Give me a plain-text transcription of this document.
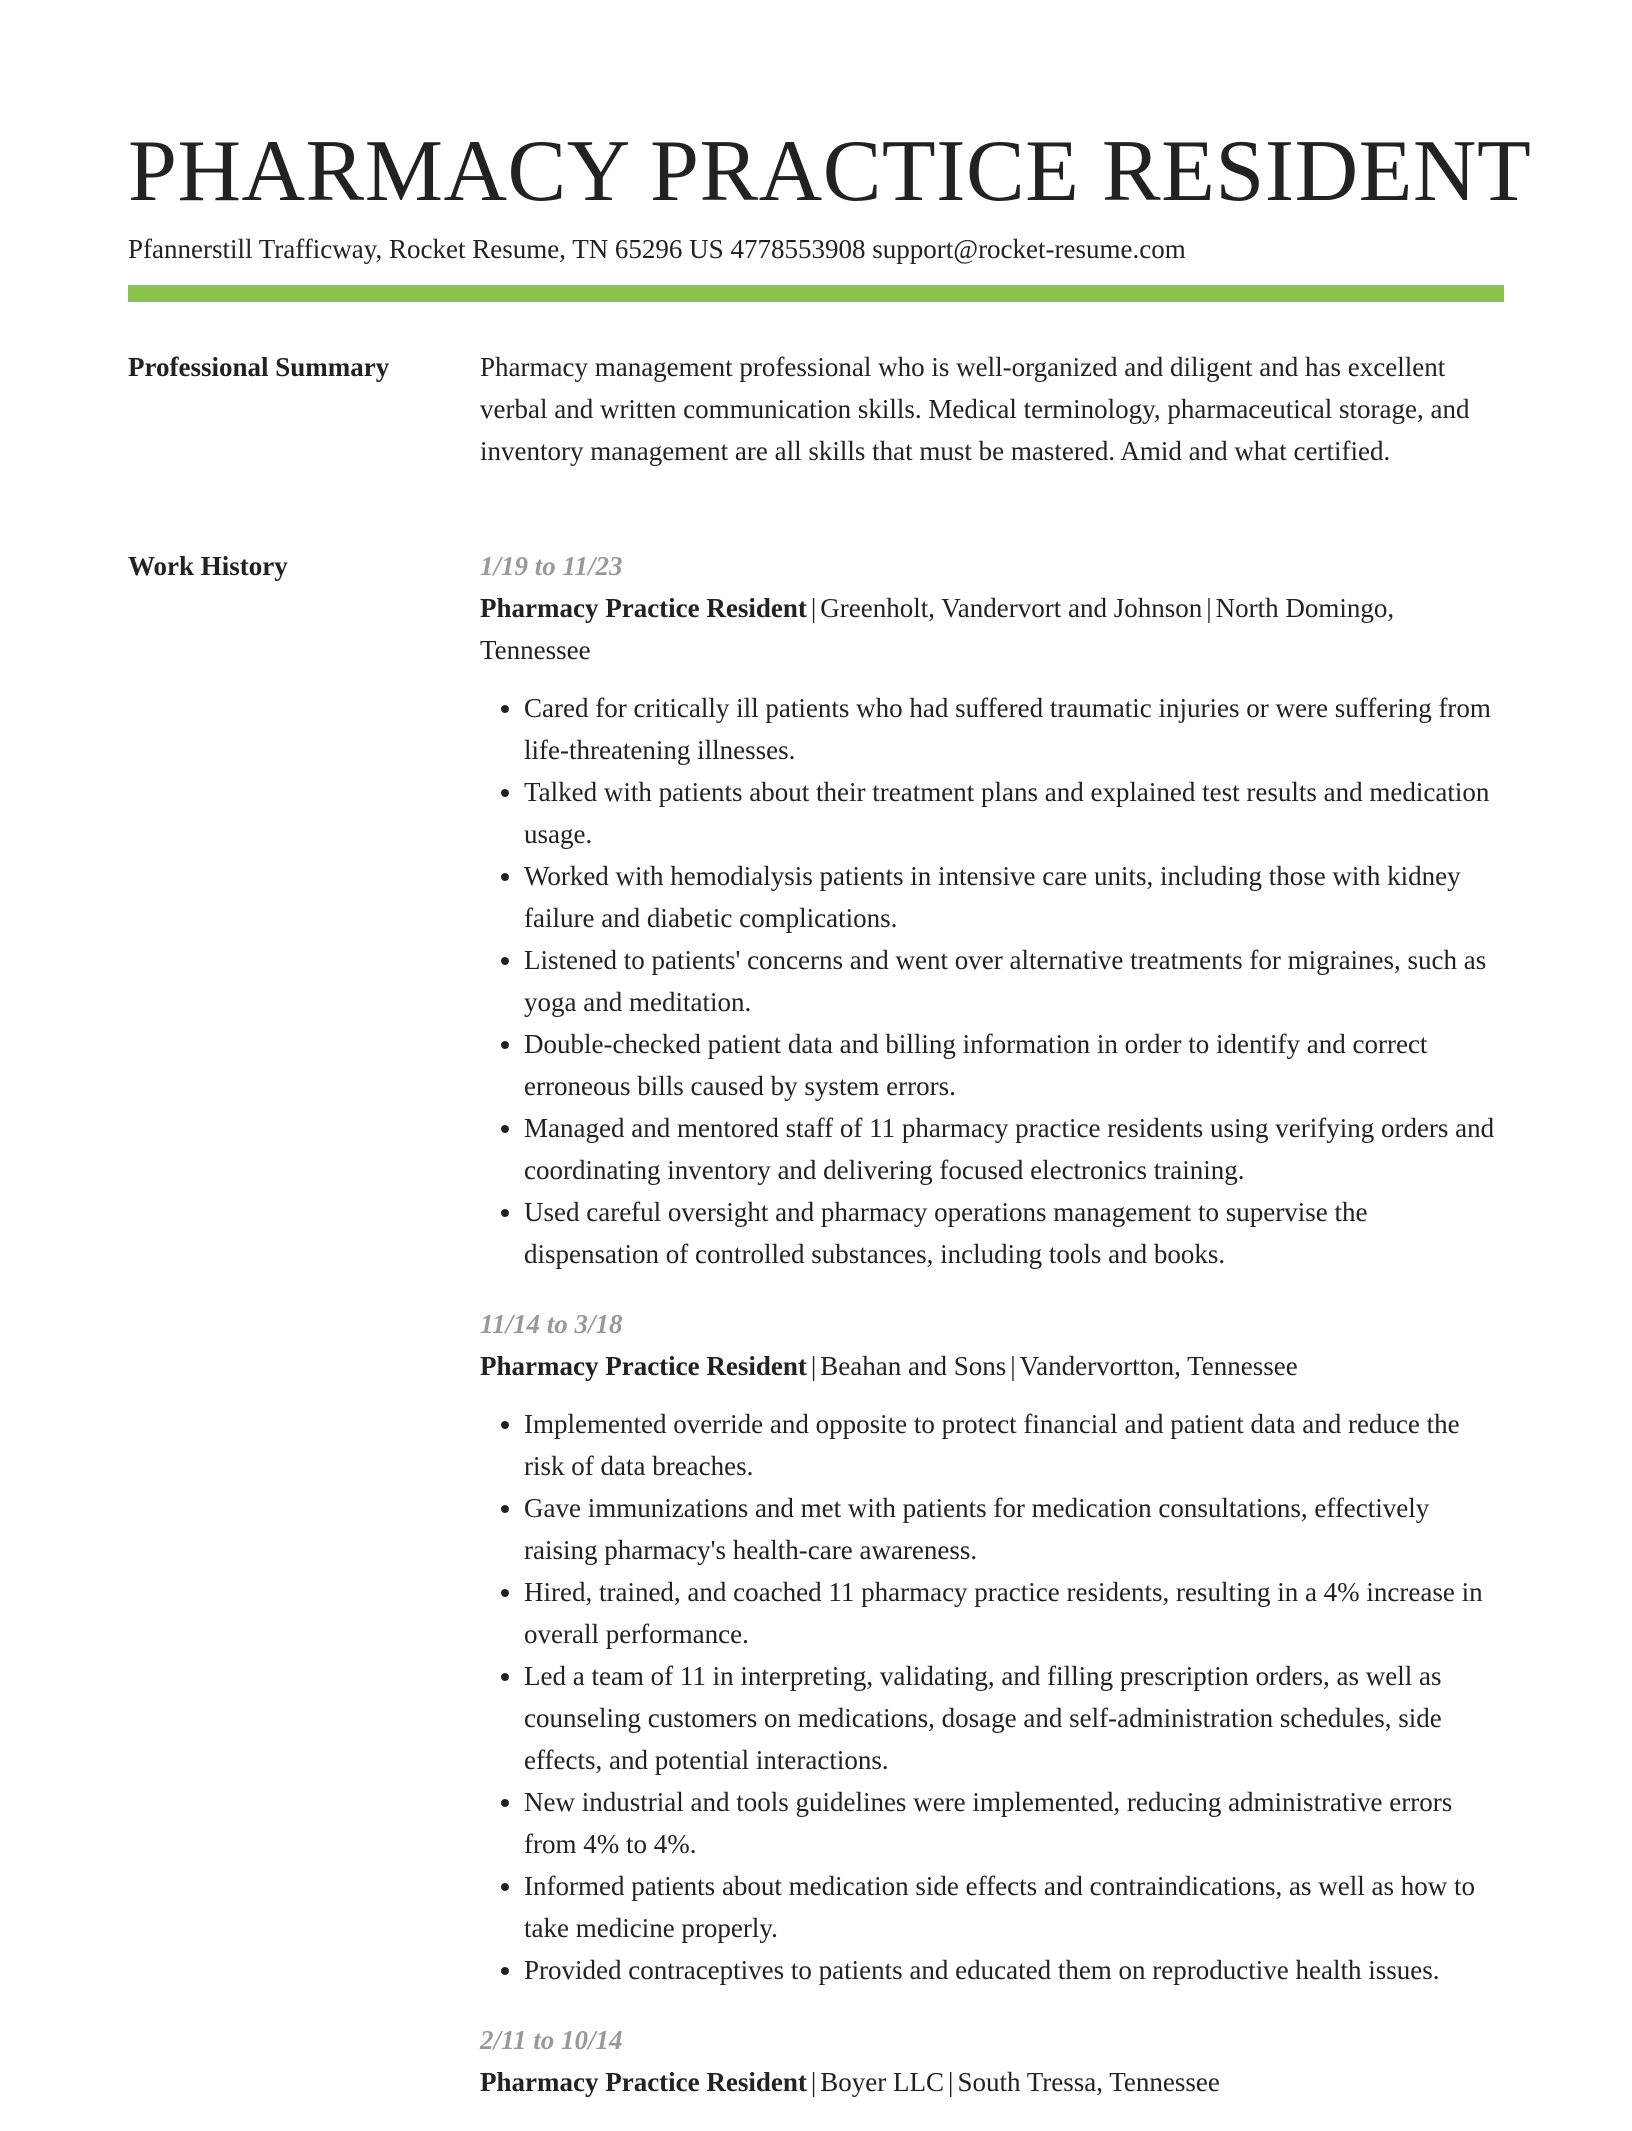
PHARMACY PRACTICE RESIDENT
Pfannerstill Trafficway, Rocket Resume, TN 65296 US 4778553908 support@rocket-resume.com
Professional Summary	Pharmacy management professional who is well-organized and diligent and has excellent verbal and written communication skills. Medical terminology, pharmaceutical storage, and inventory management are all skills that must be mastered. Amid and what certified.

Work History	1/19 to 11/23
Pharmacy Practice Resident | Greenholt, Vandervort and Johnson | North Domingo, Tennessee
• Cared for critically ill patients who had suffered traumatic injuries or were suffering from life-threatening illnesses.
• Talked with patients about their treatment plans and explained test results and medication usage.
• Worked with hemodialysis patients in intensive care units, including those with kidney failure and diabetic complications.
• Listened to patients' concerns and went over alternative treatments for migraines, such as yoga and meditation.
• Double-checked patient data and billing information in order to identify and correct erroneous bills caused by system errors.
• Managed and mentored staff of 11 pharmacy practice residents using verifying orders and coordinating inventory and delivering focused electronics training.
• Used careful oversight and pharmacy operations management to supervise the dispensation of controlled substances, including tools and books.
11/14 to 3/18
Pharmacy Practice Resident | Beahan and Sons | Vandervortton, Tennessee
• Implemented override and opposite to protect financial and patient data and reduce the risk of data breaches.
• Gave immunizations and met with patients for medication consultations, effectively raising pharmacy's health-care awareness.
• Hired, trained, and coached 11 pharmacy practice residents, resulting in a 4% increase in overall performance.
• Led a team of 11 in interpreting, validating, and filling prescription orders, as well as counseling customers on medications, dosage and self-administration schedules, side effects, and potential interactions.
• New industrial and tools guidelines were implemented, reducing administrative errors from 4% to 4%.
• Informed patients about medication side effects and contraindications, as well as how to take medicine properly.
• Provided contraceptives to patients and educated them on reproductive health issues.
2/11 to 10/14
Pharmacy Practice Resident | Boyer LLC | South Tressa, Tennessee
